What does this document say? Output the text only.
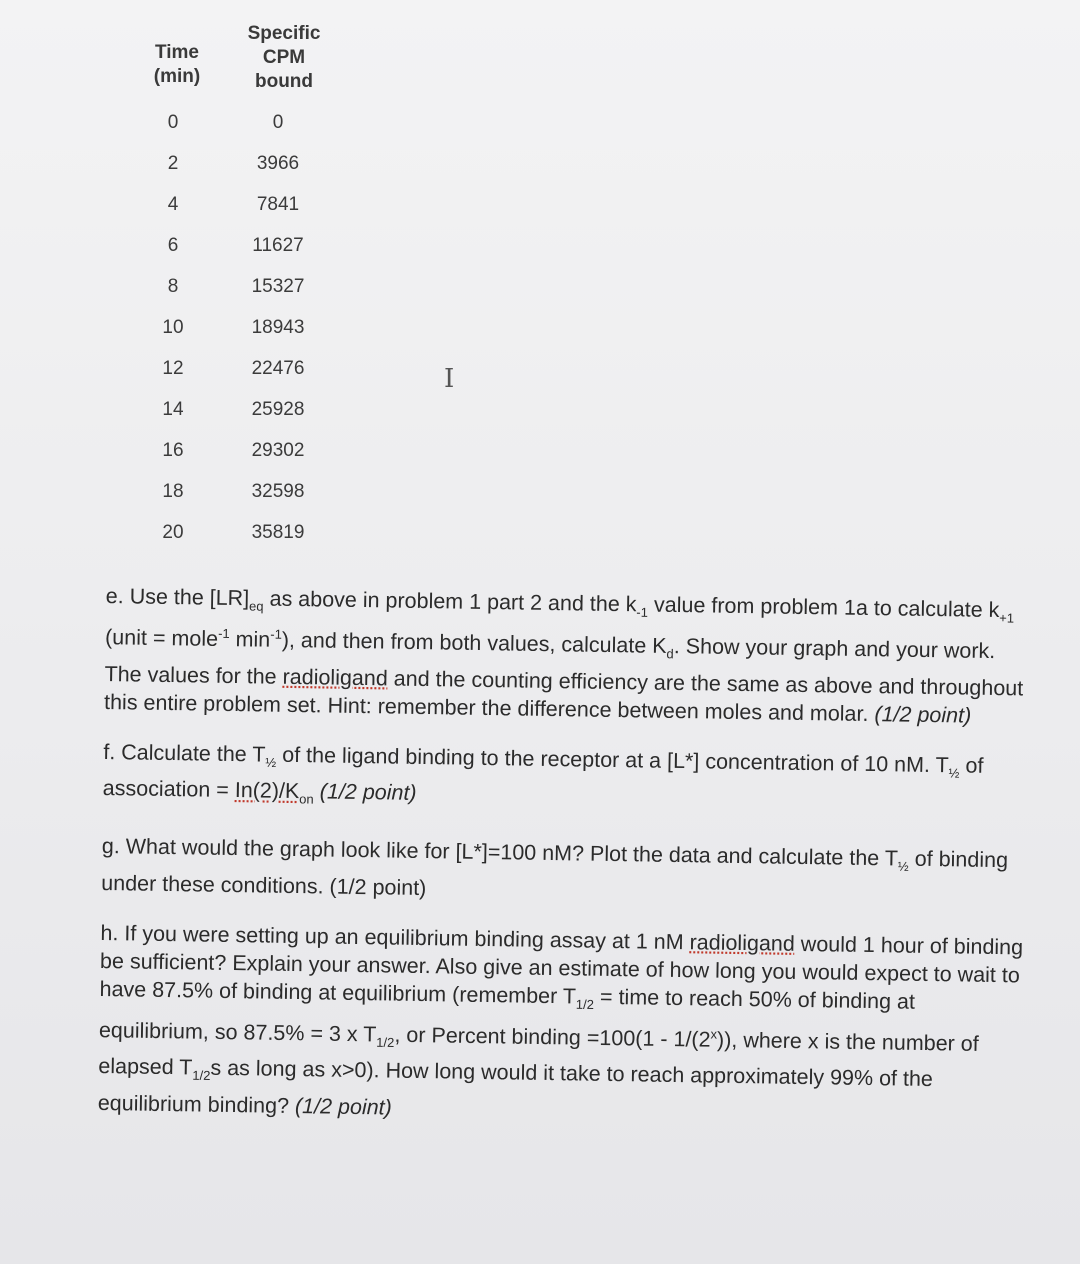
Time
(min)
Specific
CPM
bound
0
2
4
6
8
10
12
14
16
18
20
0
3966
7841
11627
15327
18943
22476
25928
29302
32598
35819
I

e. Use the $[LR]_{eq}$ as above in problem 1 part 2 and the $k_{-1}$ value from problem 1a to calculate $k_{+1}$ (unit = mole$^{-1}$ $\min^{-1}$), and then from both values, calculate $K_d$. Show your graph and your work. The values for the radioligand and the counting efficiency are the same as above and throughout this entire problem set. Hint: remember the difference between moles and molar. (1/2 point)

f. Calculate the $T_{\frac{1}{2}}$ of the ligand binding to the receptor at a [L*] concentration of 10 nM. $T_{\frac{1}{2}}$ of association = $In(2)/K_{on}$ (1/2 point)

g. What would the graph look like for [L*]=100 nM? Plot the data and calculate the $T_{\frac{1}{2}}$ of binding under these conditions. (1/2 point)

h. If you were setting up an equilibrium binding assay at 1 nM radioligand would 1 hour of binding be sufficient? Explain your answer. Also give an estimate of how long you would expect to wait to have 87.5% of binding at equilibrium (remember $T_{1/2}$ = time to reach 50% of binding at equilibrium, so 87.5% = 3 x $T_{1/2}$, or Percent binding =100(1 - 1/(2$^x$)), where x is the number of elapsed $T_{1/2}s$ as long as x>0). How long would it take to reach approximately 99% of the equilibrium binding? (1/2 point)
